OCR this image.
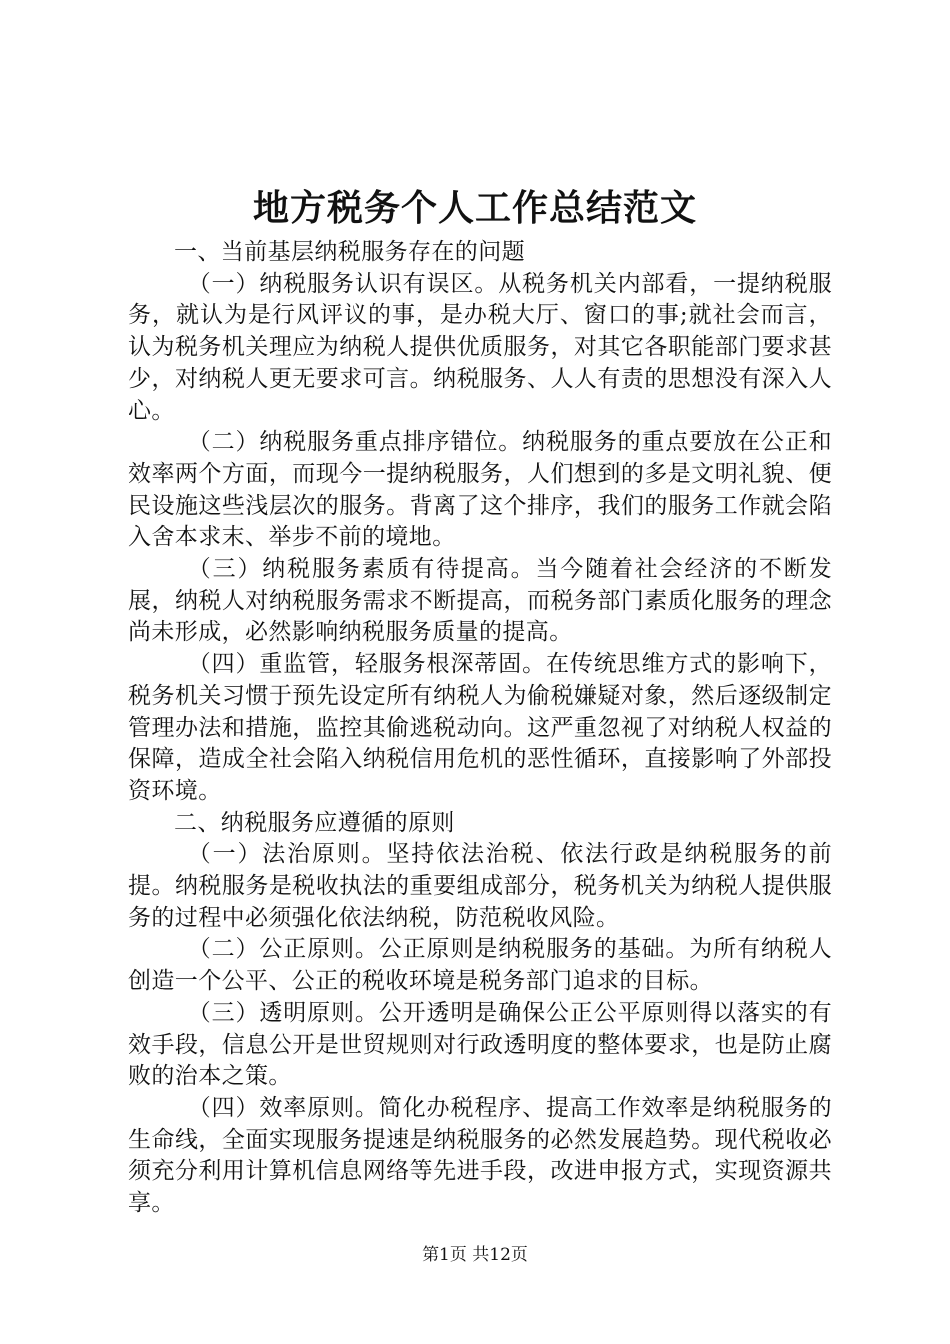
地方税务个人工作总结范文

一、当前基层纳税服务存在的问题

（一）纳税服务认识有误区。从税务机关内部看，一提纳税服务，就认为是行风评议的事，是办税大厅、窗口的事;就社会而言，认为税务机关理应为纳税人提供优质服务，对其它各职能部门要求甚少，对纳税人更无要求可言。纳税服务、人人有责的思想没有深入人心。

（二）纳税服务重点排序错位。纳税服务的重点要放在公正和效率两个方面，而现今一提纳税服务，人们想到的多是文明礼貌、便民设施这些浅层次的服务。背离了这个排序，我们的服务工作就会陷入舍本求末、举步不前的境地。

（三）纳税服务素质有待提高。当今随着社会经济的不断发展，纳税人对纳税服务需求不断提高，而税务部门素质化服务的理念尚未形成，必然影响纳税服务质量的提高。

（四）重监管，轻服务根深蒂固。在传统思维方式的影响下，税务机关习惯于预先设定所有纳税人为偷税嫌疑对象，然后逐级制定管理办法和措施，监控其偷逃税动向。这严重忽视了对纳税人权益的保障，造成全社会陷入纳税信用危机的恶性循环，直接影响了外部投资环境。

二、纳税服务应遵循的原则

（一）法治原则。坚持依法治税、依法行政是纳税服务的前提。纳税服务是税收执法的重要组成部分，税务机关为纳税人提供服务的过程中必须强化依法纳税，防范税收风险。

（二）公正原则。公正原则是纳税服务的基础。为所有纳税人创造一个公平、公正的税收环境是税务部门追求的目标。

（三）透明原则。公开透明是确保公正公平原则得以落实的有效手段，信息公开是世贸规则对行政透明度的整体要求，也是防止腐败的治本之策。

（四）效率原则。简化办税程序、提高工作效率是纳税服务的生命线，全面实现服务提速是纳税服务的必然发展趋势。现代税收必须充分利用计算机信息网络等先进手段，改进申报方式，实现资源共享。

第1页 共12页
